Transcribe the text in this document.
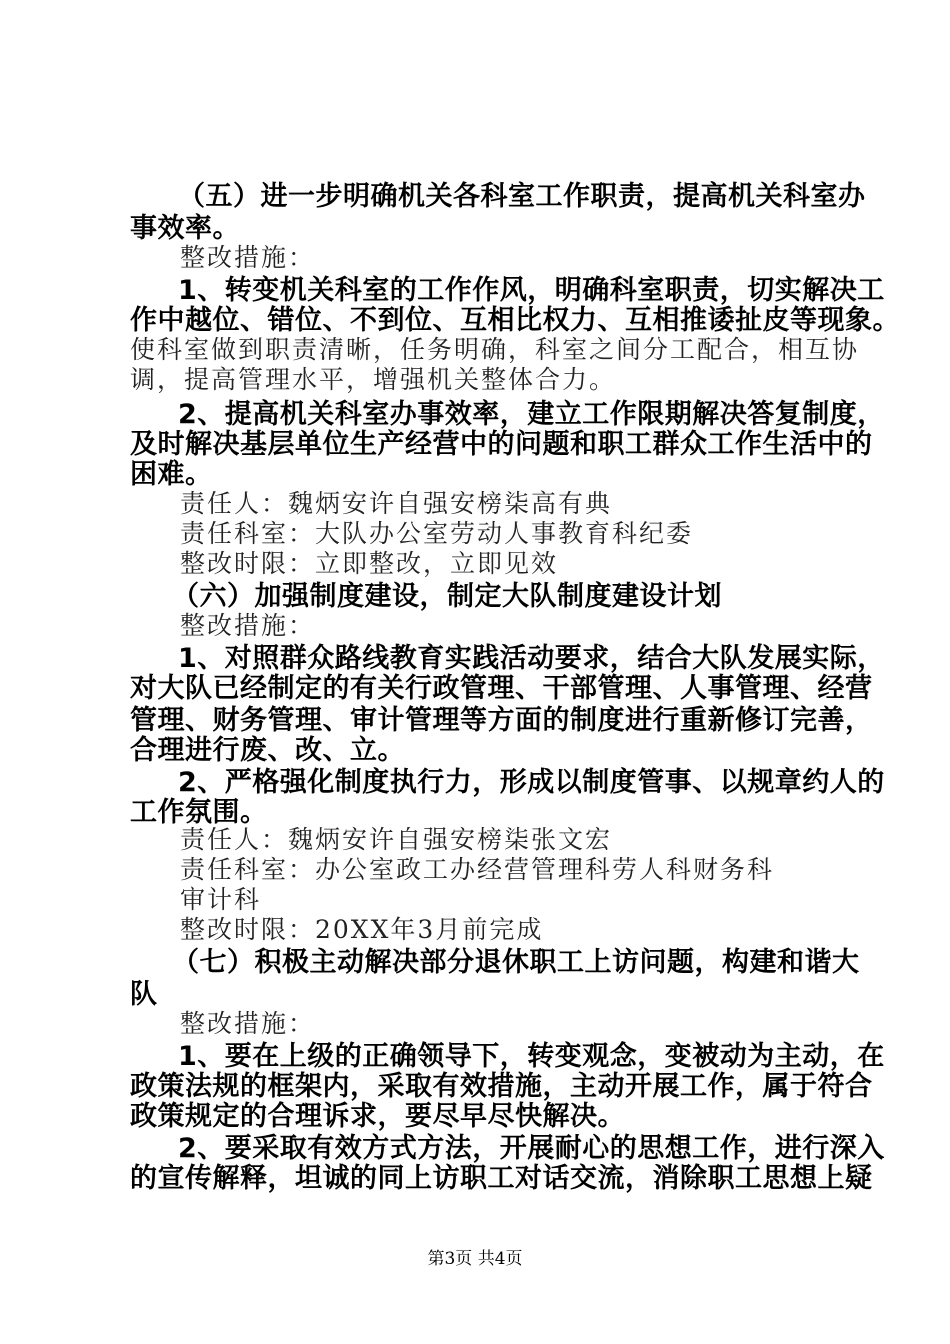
（五）进一步明确机关各科室工作职责，提高机关科室办
事效率。
整改措施：
1、转变机关科室的工作作风，明确科室职责，切实解决工
作中越位、错位、不到位、互相比权力、互相推诿扯皮等现象。
使科室做到职责清晰，任务明确，科室之间分工配合，相互协
调，提高管理水平，增强机关整体合力。
2、提高机关科室办事效率，建立工作限期解决答复制度，
及时解决基层单位生产经营中的问题和职工群众工作生活中的
困难。
责任人：魏炳安许自强安榜柒高有典
责任科室：大队办公室劳动人事教育科纪委
整改时限：立即整改，立即见效
（六）加强制度建设，制定大队制度建设计划
整改措施：
1、对照群众路线教育实践活动要求，结合大队发展实际，
对大队已经制定的有关行政管理、干部管理、人事管理、经营
管理、财务管理、审计管理等方面的制度进行重新修订完善，
合理进行废、改、立。
2、严格强化制度执行力，形成以制度管事、以规章约人的
工作氛围。
责任人：魏炳安许自强安榜柒张文宏
责任科室：办公室政工办经营管理科劳人科财务科
审计科
整改时限：20XX年3月前完成
（七）积极主动解决部分退休职工上访问题，构建和谐大
队
整改措施：
1、要在上级的正确领导下，转变观念，变被动为主动，在
政策法规的框架内，采取有效措施，主动开展工作，属于符合
政策规定的合理诉求，要尽早尽快解决。
2、要采取有效方式方法，开展耐心的思想工作，进行深入
的宣传解释，坦诚的同上访职工对话交流，消除职工思想上疑
第3页 共4页
